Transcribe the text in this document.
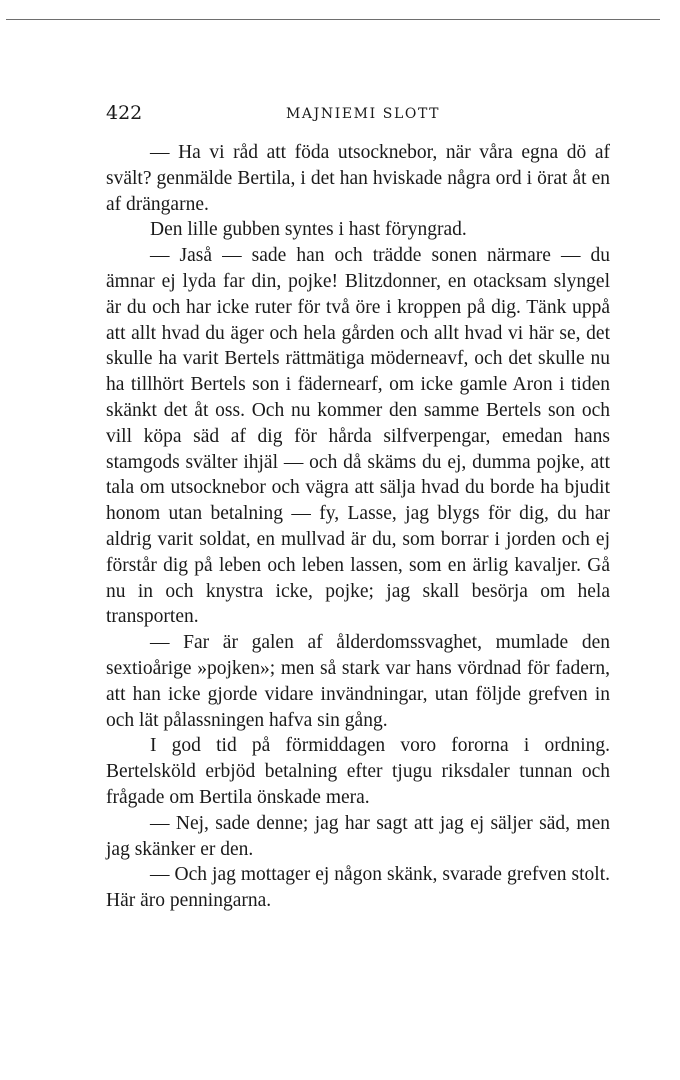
422	MAJNIEMI SLOTT

— Ha vi råd att föda utsocknebor, när våra egna dö af svält? genmälde Bertila, i det han hviskade några ord i örat åt en af drängarne.

Den lille gubben syntes i hast föryngrad.

— Jaså — sade han och trädde sonen närmare — du ämnar ej lyda far din, pojke! Blitzdonner, en otacksam slyngel är du och har icke ruter för två öre i kroppen på dig. Tänk uppå att allt hvad du äger och hela gården och allt hvad vi här se, det skulle ha varit Bertels rättmätiga möderneavf, och det skulle nu ha tillhört Bertels son i fädernearf, om icke gamle Aron i tiden skänkt det åt oss. Och nu kommer den samme Bertels son och vill köpa säd af dig för hårda silfverpengar, emedan hans stamgods svälter ihjäl — och då skäms du ej, dumma pojke, att tala om utsocknebor och vägra att sälja hvad du borde ha bjudit honom utan betalning — fy, Lasse, jag blygs för dig, du har aldrig varit soldat, en mullvad är du, som borrar i jorden och ej förstår dig på leben och leben lassen, som en ärlig kavaljer. Gå nu in och knystra icke, pojke; jag skall besörja om hela transporten.

— Far är galen af ålderdomssvaghet, mumlade den sextioårige »pojken»; men så stark var hans vördnad för fadern, att han icke gjorde vidare invändningar, utan följde grefven in och lät pålassningen hafva sin gång.

I god tid på förmiddagen voro fororna i ordning. Bertelsköld erbjöd betalning efter tjugu riksdaler tunnan och frågade om Bertila önskade mera.

— Nej, sade denne; jag har sagt att jag ej säljer säd, men jag skänker er den.

— Och jag mottager ej någon skänk, svarade grefven stolt. Här äro penningarna.
